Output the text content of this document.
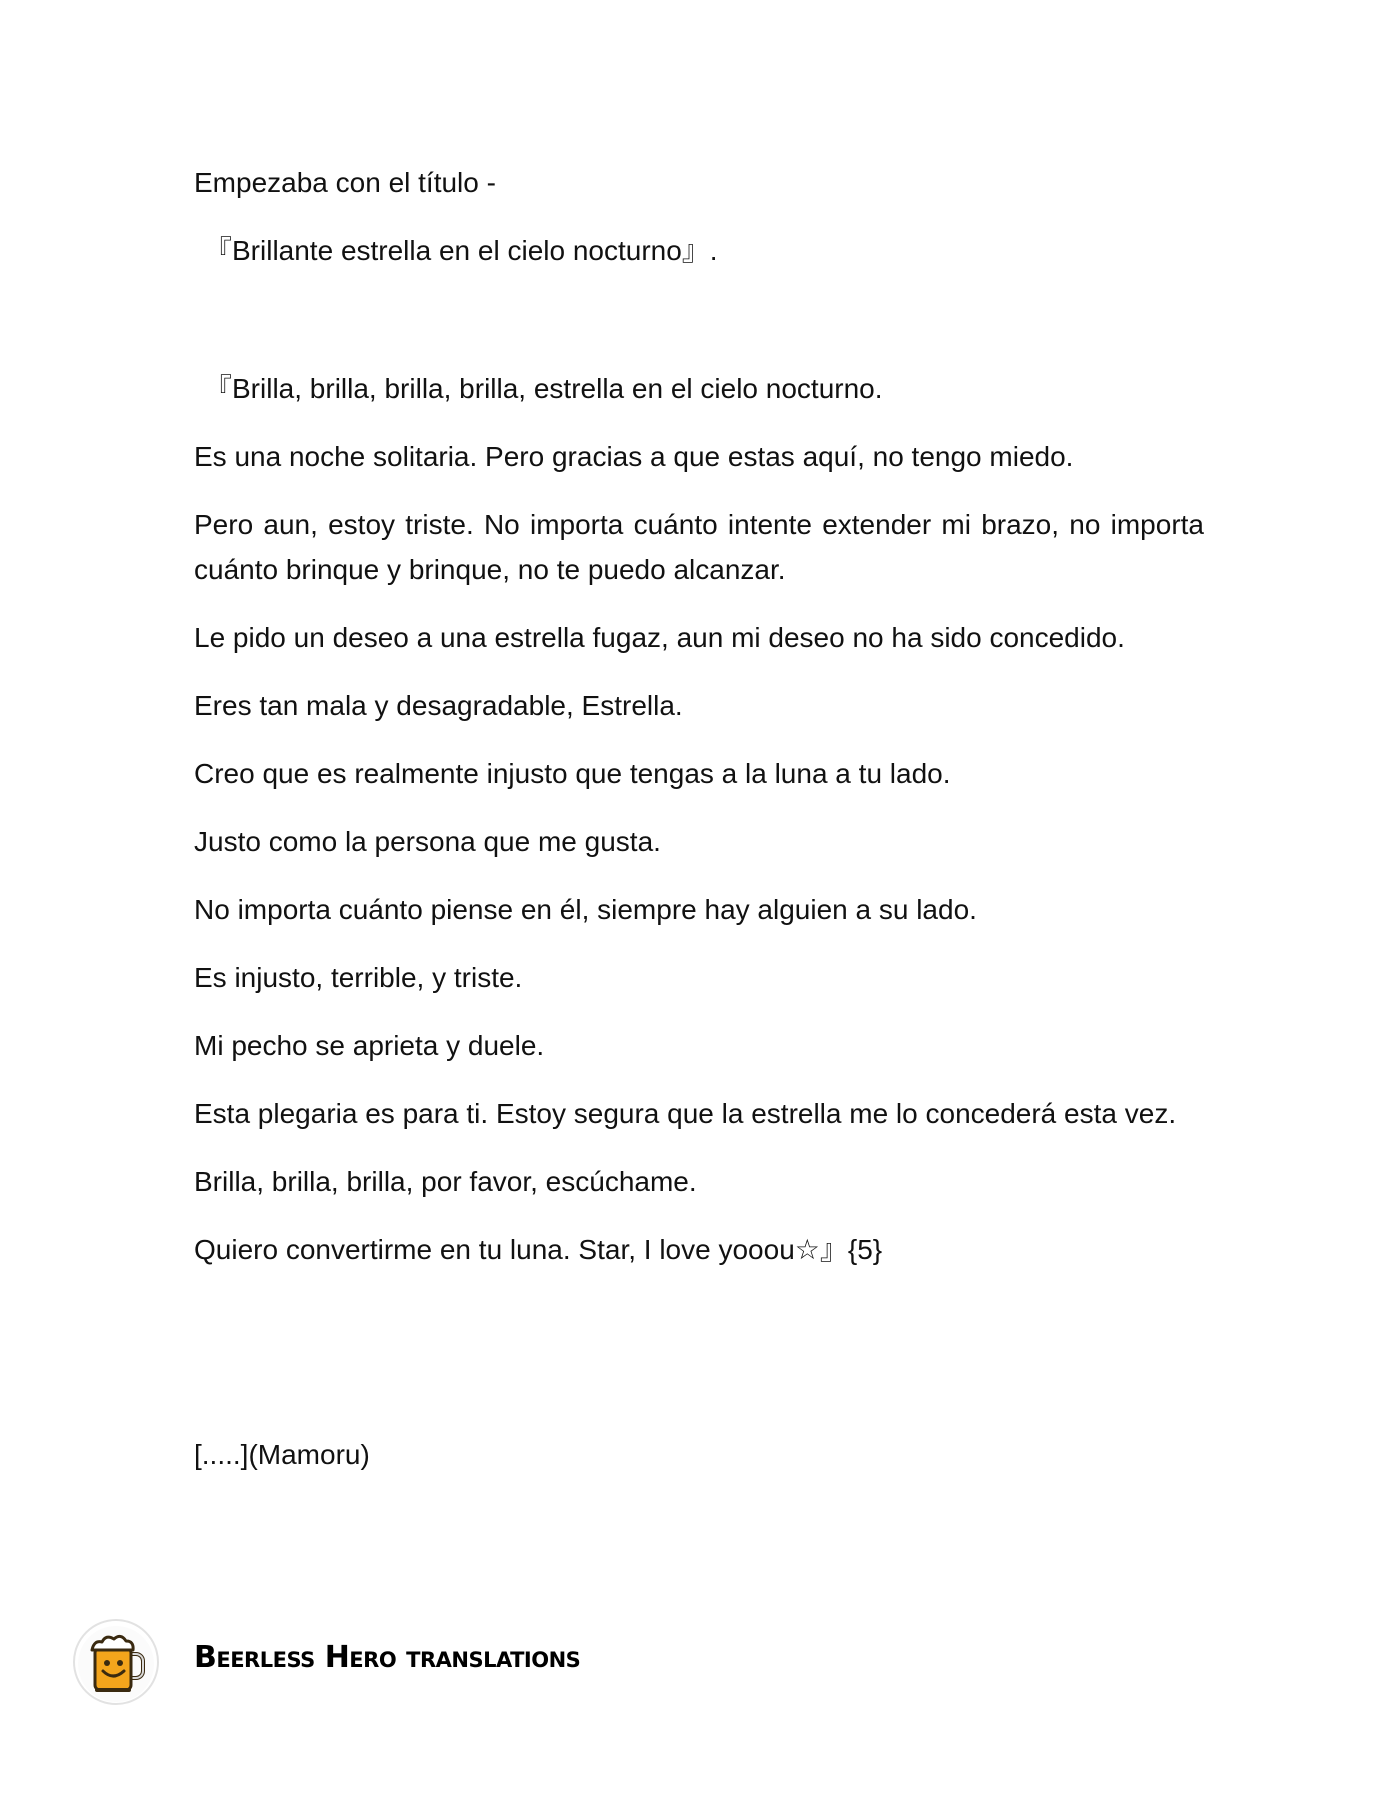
Empezaba con el título -

『Brillante estrella en el cielo nocturno』.

『Brilla, brilla, brilla, brilla, estrella en el cielo nocturno.

Es una noche solitaria. Pero gracias a que estas aquí, no tengo miedo.

Pero aun, estoy triste. No importa cuánto intente extender mi brazo, no importa cuánto brinque y brinque, no te puedo alcanzar.

Le pido un deseo a una estrella fugaz, aun mi deseo no ha sido concedido.

Eres tan mala y desagradable, Estrella.

Creo que es realmente injusto que tengas a la luna a tu lado.

Justo como la persona que me gusta.

No importa cuánto piense en él, siempre hay alguien a su lado.

Es injusto, terrible, y triste.

Mi pecho se aprieta y duele.

Esta plegaria es para ti. Estoy segura que la estrella me lo concederá esta vez.

Brilla, brilla, brilla, por favor, escúchame.

Quiero convertirme en tu luna. Star, I love yooou☆』{5}

[.....](Mamoru)

Beerless Hero translations
